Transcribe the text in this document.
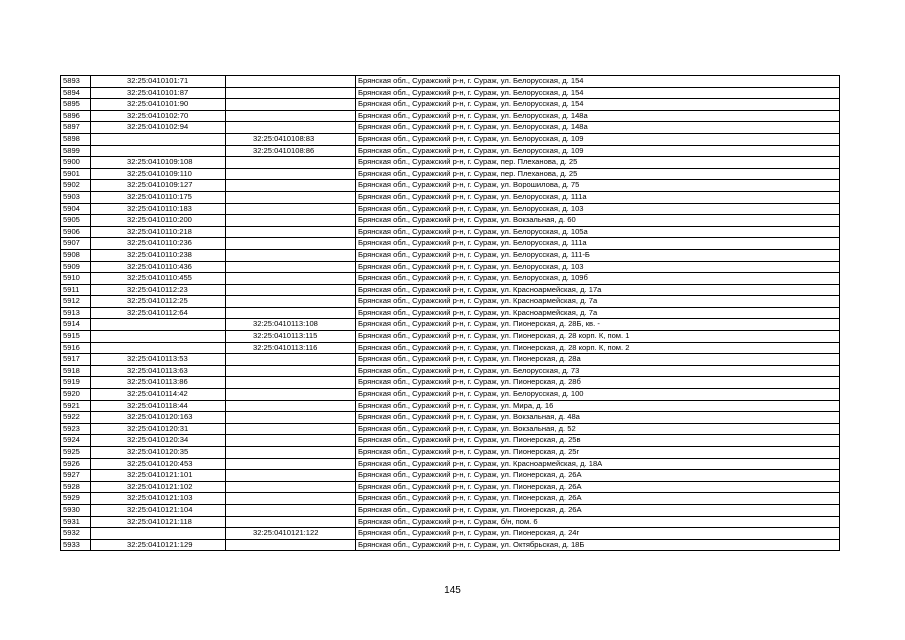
5893	32:25:0410101:71		Брянская обл., Суражский р-н, г. Сураж, ул. Белорусская, д. 154
5894	32:25:0410101:87		Брянская обл., Суражский р-н, г. Сураж, ул. Белорусская, д. 154
5895	32:25:0410101:90		Брянская обл., Суражский р-н, г. Сураж, ул. Белорусская, д. 154
5896	32:25:0410102:70		Брянская обл., Суражский р-н, г. Сураж, ул. Белорусская, д. 148а
5897	32:25:0410102:94		Брянская обл., Суражский р-н, г. Сураж, ул. Белорусская, д. 148а
5898		32:25:0410108:83	Брянская обл., Суражский р-н, г. Сураж, ул. Белорусская, д. 109
5899		32:25:0410108:86	Брянская обл., Суражский р-н, г. Сураж, ул. Белорусская, д. 109
5900	32:25:0410109:108		Брянская обл., Суражский р-н, г. Сураж, пер. Плеханова, д. 25
5901	32:25:0410109:110		Брянская обл., Суражский р-н, г. Сураж, пер. Плеханова, д. 25
5902	32:25:0410109:127		Брянская обл., Суражский р-н, г. Сураж, ул. Ворошилова, д. 75
5903	32:25:0410110:175		Брянская обл., Суражский р-н, г. Сураж, ул. Белорусская, д. 111а
5904	32:25:0410110:183		Брянская обл., Суражский р-н, г. Сураж, ул. Белорусская, д. 103
5905	32:25:0410110:200		Брянская обл., Суражский р-н, г. Сураж, ул. Вокзальная, д. 60
5906	32:25:0410110:218		Брянская обл., Суражский р-н, г. Сураж, ул. Белорусская, д. 105а
5907	32:25:0410110:236		Брянская обл., Суражский р-н, г. Сураж, ул. Белорусская, д. 111а
5908	32:25:0410110:238		Брянская обл., Суражский р-н, г. Сураж, ул. Белорусская, д. 111-Б
5909	32:25:0410110:436		Брянская обл., Суражский р-н, г. Сураж, ул. Белорусская, д. 103
5910	32:25:0410110:455		Брянская обл., Суражский р-н, г. Сураж, ул. Белорусская, д. 109б
5911	32:25:0410112:23		Брянская обл., Суражский р-н, г. Сураж, ул. Красноармейская, д. 17а
5912	32:25:0410112:25		Брянская обл., Суражский р-н, г. Сураж, ул. Красноармейская, д. 7а
5913	32:25:0410112:64		Брянская обл., Суражский р-н, г. Сураж, ул. Красноармейская, д. 7а
5914		32:25:0410113:108	Брянская обл., Суражский р-н, г. Сураж, ул. Пионерская, д. 28Б, кв. -
5915		32:25:0410113:115	Брянская обл., Суражский р-н, г. Сураж, ул. Пионерская, д. 28 корп. К, пом. 1
5916		32:25:0410113:116	Брянская обл., Суражский р-н, г. Сураж, ул. Пионерская, д. 28 корп. К, пом. 2
5917	32:25:0410113:53		Брянская обл., Суражский р-н, г. Сураж, ул. Пионерская, д. 28а
5918	32:25:0410113:63		Брянская обл., Суражский р-н, г. Сураж, ул. Белорусская, д. 73
5919	32:25:0410113:86		Брянская обл., Суражский р-н, г. Сураж, ул. Пионерская, д. 28б
5920	32:25:0410114:42		Брянская обл., Суражский р-н, г. Сураж, ул. Белорусская, д. 100
5921	32:25:0410118:44		Брянская обл., Суражский р-н, г. Сураж, ул. Мира, д. 16
5922	32:25:0410120:163		Брянская обл., Суражский р-н, г. Сураж, ул. Вокзальная, д. 48а
5923	32:25:0410120:31		Брянская обл., Суражский р-н, г. Сураж, ул. Вокзальная, д. 52
5924	32:25:0410120:34		Брянская обл., Суражский р-н, г. Сураж, ул. Пионерская, д. 25в
5925	32:25:0410120:35		Брянская обл., Суражский р-н, г. Сураж, ул. Пионерская, д. 25г
5926	32:25:0410120:453		Брянская обл., Суражский р-н, г. Сураж, ул. Красноармейская, д. 18А
5927	32:25:0410121:101		Брянская обл., Суражский р-н, г. Сураж, ул. Пионерская, д. 26А
5928	32:25:0410121:102		Брянская обл., Суражский р-н, г. Сураж, ул. Пионерская, д. 26А
5929	32:25:0410121:103		Брянская обл., Суражский р-н, г. Сураж, ул. Пионерская, д. 26А
5930	32:25:0410121:104		Брянская обл., Суражский р-н, г. Сураж, ул. Пионерская, д. 26А
5931	32:25:0410121:118		Брянская обл., Суражский р-н, г. Сураж, б/н, пом. 6
5932		32:25:0410121:122	Брянская обл., Суражский р-н, г. Сураж, ул. Пионерская, д. 24г
5933	32:25:0410121:129		Брянская обл., Суражский р-н, г. Сураж, ул. Октябрьская, д. 18Б
145
